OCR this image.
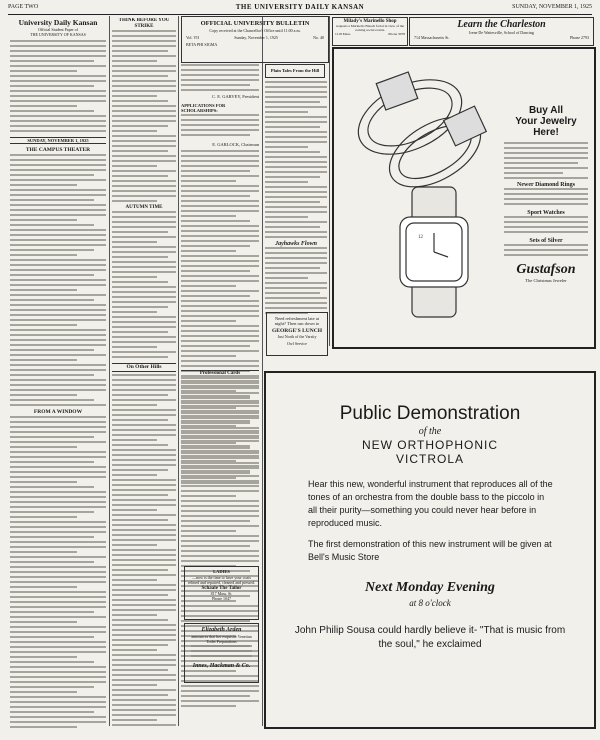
PAGE TWO	THE UNIVERSITY DAILY KANSAN	SUNDAY, NOVEMBER 1, 1925
University Daily Kansan
Official Student Paper of
THE UNIVERSITY OF KANSAS
SUNDAY, NOVEMBER 1, 1925
THE CAMPUS THEATER
FROM A WINDOW
THINK BEFORE YOU STRIKE
AUTUMN TIME
On Other Hills
OFFICIAL UNIVERSITY BULLETIN
Copy received at the Chancellor's Office until 11:00 a.m.
Vol. VII	Sunday, November 1, 1925	No. 40
BETA PHI SIGMA
C. E. GARVEY, President
APPLICATIONS FOR SCHOLARSHIPS:
E. GARLOCK, Chairman
Plain Tales From the Hill
Jayhawks Flown
Need refreshment late at night? Then run down to
GEORGE'S LUNCH
Just North of the Varsity
Owl Service
Professional Cards
LADIES
—now is the time to have your coats relined and repaired, cleaned and pressed.
Schaale The Tailor
817 Mass. St.
Phone 1047
Elizabeth Arden
announces that her exquisite Venetian Toilet Preparations
Innes, Hackman & Co.
Milady's Marinello Shop
requests a Marinello Bleach facial in view of the coming social events.
1118 Mass.	Phone 3078
Learn the Charleston
Irene De Wattesville, School of Dancing
714 Massachusetts St.	Phone 2793
12
Buy All
Your Jewelry
Here!
Newer Diamond Rings
Sport Watches
Sets of Silver
Gustafson
The Christmas Jeweler
Public Demonstration
of the
NEW ORTHOPHONIC
VICTROLA
Hear this new, wonderful instrument that reproduces all of the tones of an orchestra from the double bass to the piccolo in all their purity—something you could never hear before in reproduced music.
The first demonstration of this new instrument will be given at Bell's Music Store
Next Monday Evening
at 8 o'clock
John Philip Sousa could hardly believe it- "That is music from the soul," he exclaimed
